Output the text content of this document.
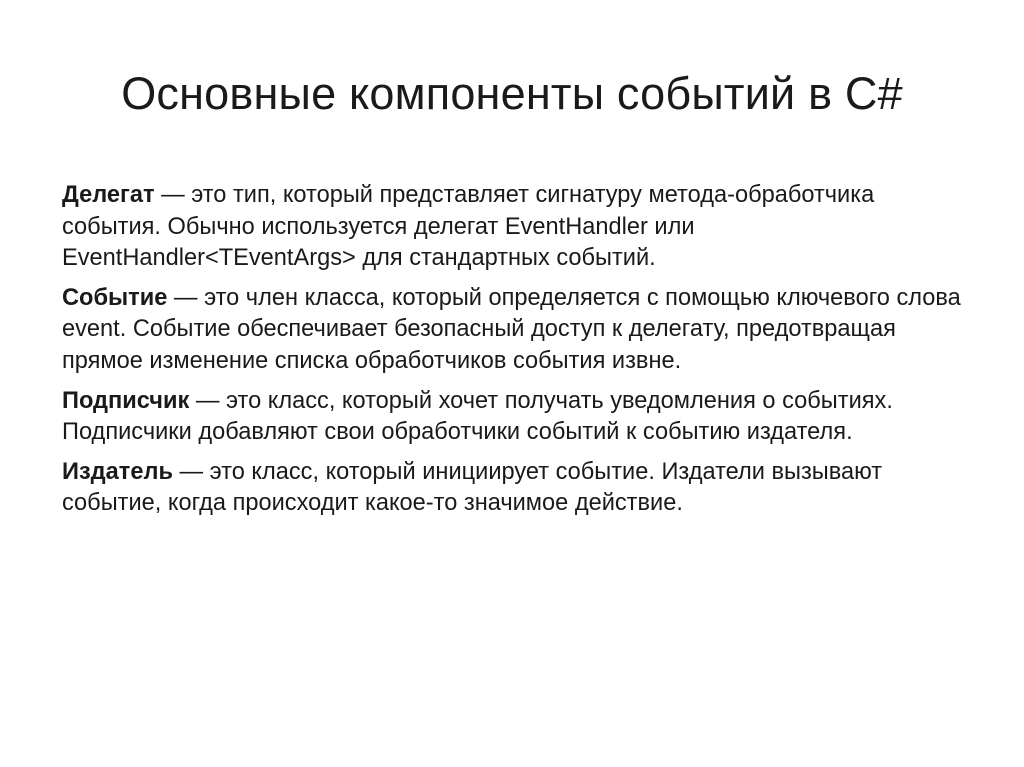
Основные компоненты событий в C#

Делегат — это тип, который представляет сигнатуру метода-обработчика события. Обычно используется делегат EventHandler или EventHandler<TEventArgs> для стандартных событий.

Событие — это член класса, который определяется с помощью ключевого слова event. Событие обеспечивает безопасный доступ к делегату, предотвращая прямое изменение списка обработчиков события извне.

Подписчик — это класс, который хочет получать уведомления о событиях. Подписчики добавляют свои обработчики событий к событию издателя.

Издатель — это класс, который инициирует событие. Издатели вызывают событие, когда происходит какое-то значимое действие.
